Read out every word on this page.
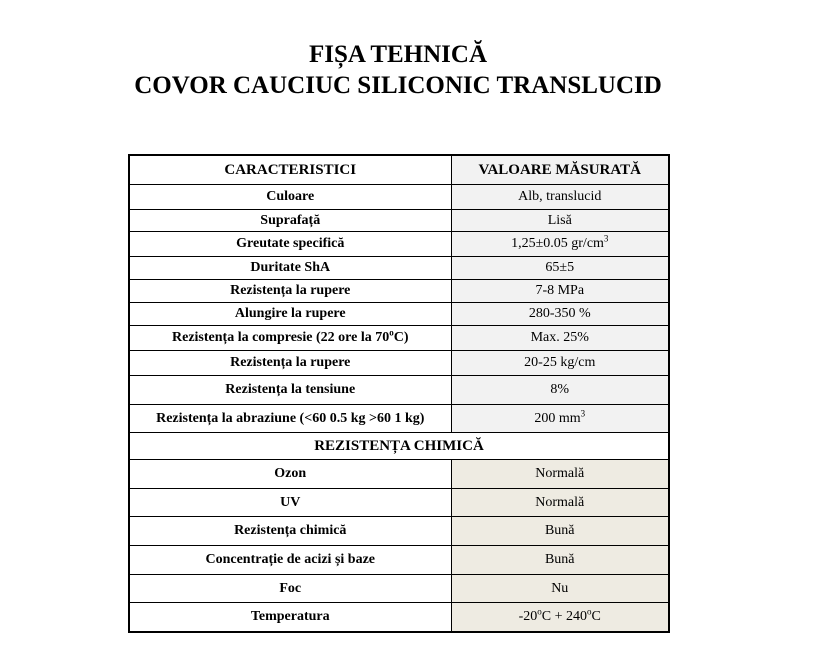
FIȘA TEHNICĂ
COVOR CAUCIUC SILICONIC TRANSLUCID
CARACTERISTICI	VALOARE MĂSURATĂ
Culoare	Alb, translucid
Suprafață	Lisă
Greutate specifică	1,25±0.05 $gr/cm^3$
Duritate ShA	65±5
Rezistența la rupere	7-8 MPa
Alungire la rupere	280-350 %
Rezistența la compresie (22 ore la 70$^o$C)	Max. 25%
Rezistența la rupere	20-25 kg/cm
Rezistența la tensiune	8%
Rezistența la abraziune (<60 0.5 kg >60 1 kg)	200 $mm^3$
REZISTENȚA CHIMICĂ	
Ozon	Normală
UV	Normală
Rezistența chimică	Bună
Concentrație de acizi și baze	Bună
Foc	Nu
Temperatura	$-20^oC + 240^oC$
